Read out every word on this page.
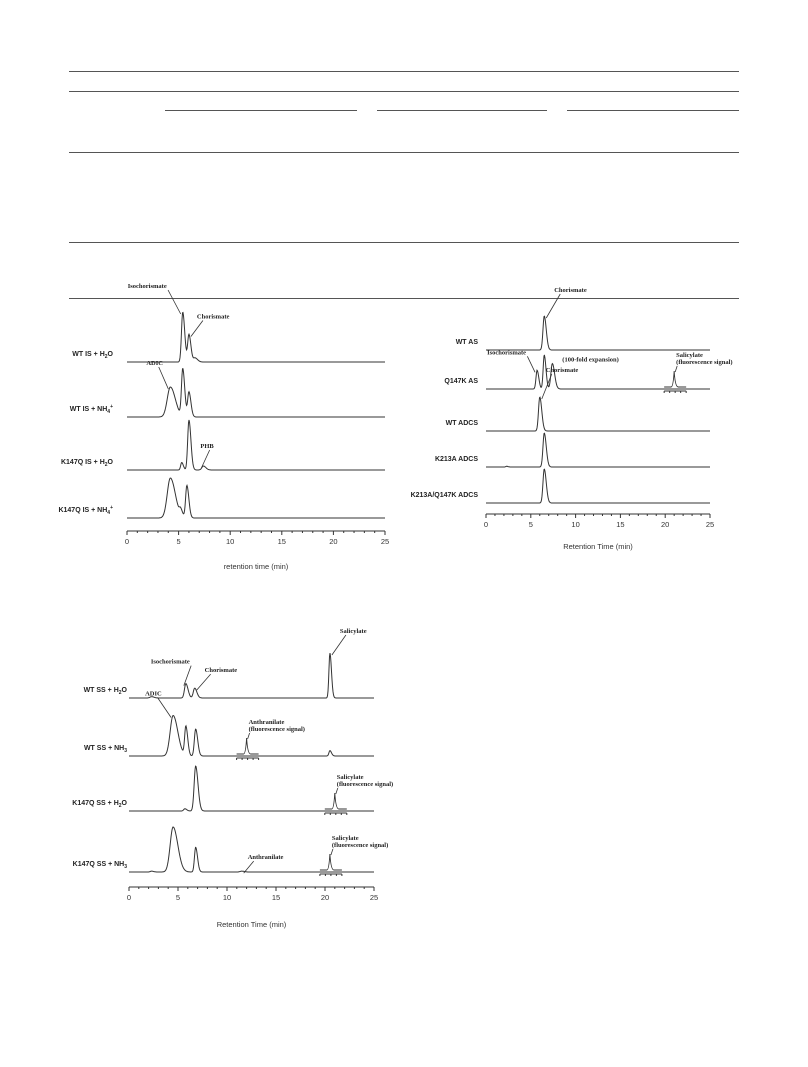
WT IS + $H_2O$
Isochorismate
Chorismate
WT IS + $NH_4^+$
ADIC
K147Q IS + $H_2O$
PHB
K147Q IS + $NH_4^+$
0	5	10	15	20	25
retention time (min)
WT AS
Chorismate
Q147K AS
Isochorismate
(100-fold expansion)
Salicylate
(fluorescence signal)
WT ADCS
Chorismate
K213A ADCS
K213A/Q147K ADCS
0	5	10	15	20	25
Retention Time (min)
WT SS + $H_2O$
Isochorismate
Chorismate
Salicylate
WT SS + $NH_3$
ADIC
Anthranilate
(fluorescence signal)
K147Q SS + $H_2O$
Salicylate
(fluorescence signal)
K147Q SS + $NH_3$
Anthranilate
Salicylate
(fluorescence signal)
0	5	10	15	20	25
Retention Time (min)
